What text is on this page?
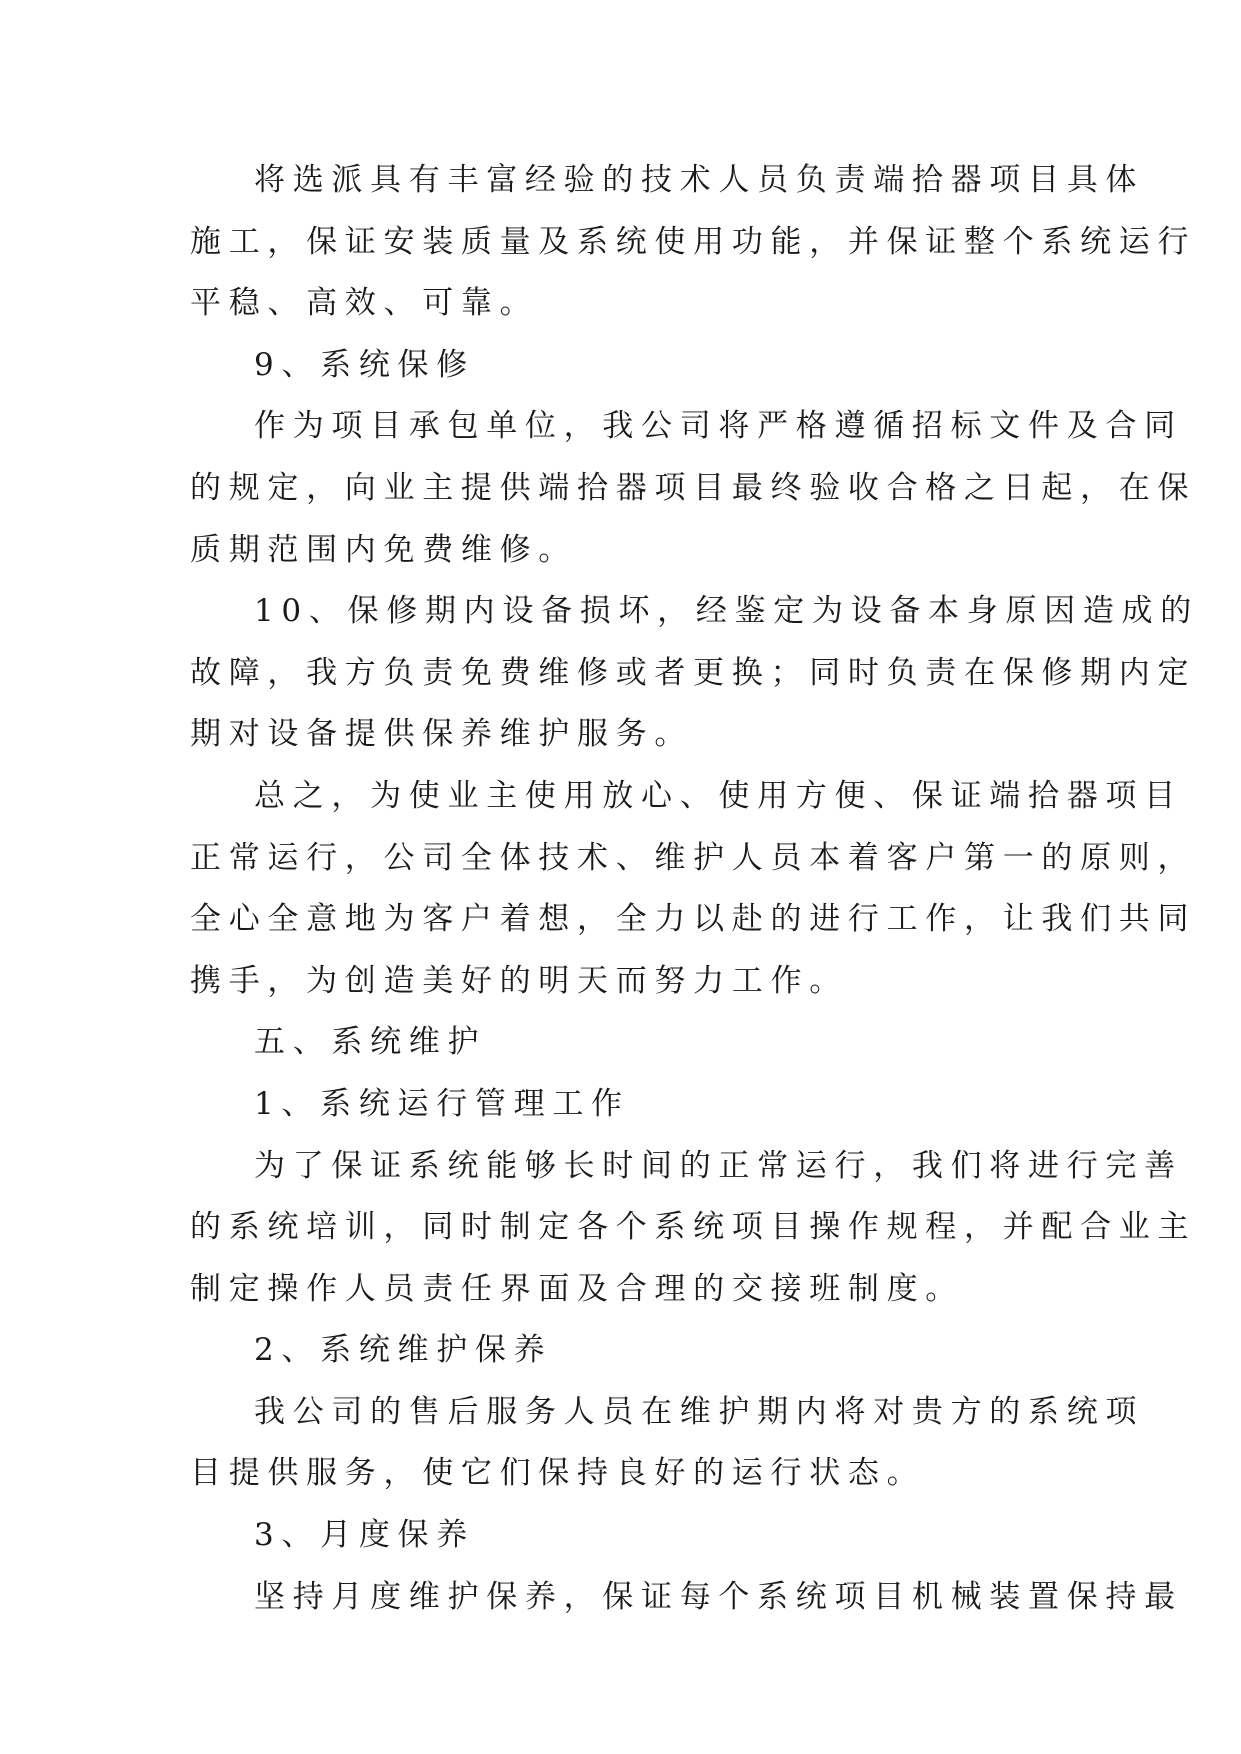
将选派具有丰富经验的技术人员负责端拾器项目具体
施工，保证安装质量及系统使用功能，并保证整个系统运行
平稳、高效、可靠。
9、系统保修
作为项目承包单位，我公司将严格遵循招标文件及合同
的规定，向业主提供端拾器项目最终验收合格之日起，在保
质期范围内免费维修。
10、保修期内设备损坏，经鉴定为设备本身原因造成的
故障，我方负责免费维修或者更换；同时负责在保修期内定
期对设备提供保养维护服务。
总之，为使业主使用放心、使用方便、保证端拾器项目
正常运行，公司全体技术、维护人员本着客户第一的原则，
全心全意地为客户着想，全力以赴的进行工作，让我们共同
携手，为创造美好的明天而努力工作。
五、系统维护
1、系统运行管理工作
为了保证系统能够长时间的正常运行，我们将进行完善
的系统培训，同时制定各个系统项目操作规程，并配合业主
制定操作人员责任界面及合理的交接班制度。
2、系统维护保养
我公司的售后服务人员在维护期内将对贵方的系统项
目提供服务，使它们保持良好的运行状态。
3、月度保养
坚持月度维护保养，保证每个系统项目机械装置保持最
